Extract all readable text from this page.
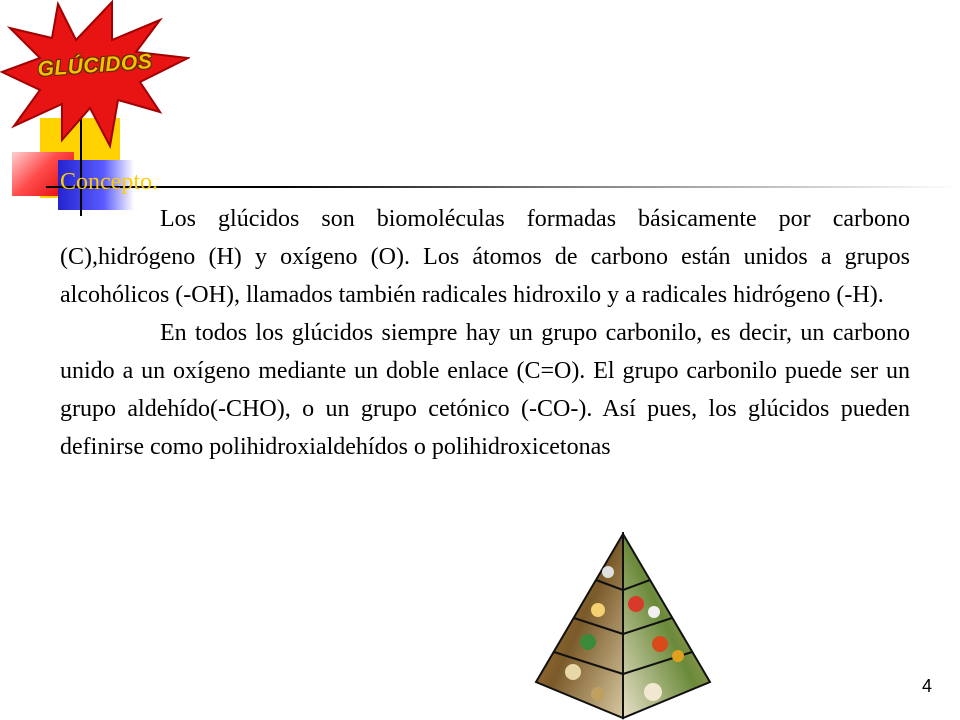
GLÚCIDOS
Concepto.

Los glúcidos son biomoléculas formadas básicamente por carbono (C),hidrógeno (H) y oxígeno (O). Los átomos de carbono están unidos a grupos alcohólicos (-OH), llamados también radicales hidroxilo y a radicales hidrógeno (-H).

En todos los glúcidos siempre hay un grupo carbonilo, es decir, un carbono unido a un oxígeno mediante un doble enlace (C=O). El grupo carbonilo puede ser un grupo aldehído(-CHO), o un grupo cetónico (-CO-). Así pues, los glúcidos pueden definirse como polihidroxialdehídos o polihidroxicetonas

4
